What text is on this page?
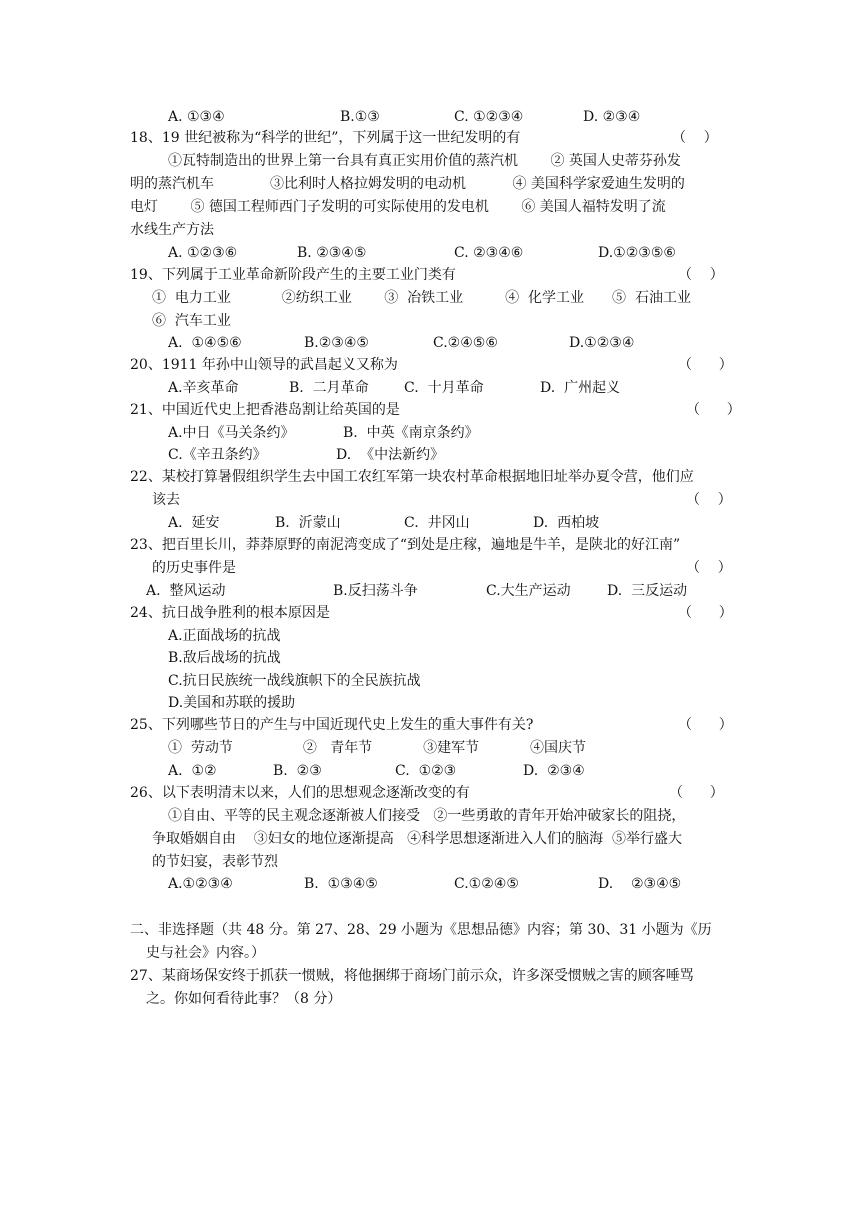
A. ①③④	B.①③	C. ①②③④	D. ②③④
18、19 世纪被称为“科学的世纪”，下列属于这一世纪发明的有	（    ）
①瓦特制造出的世界上第一台具有真正实用价值的蒸汽机　　 ② 英国人史蒂芬孙发
明的蒸汽机车　　　　③比利时人格拉姆发明的电动机　　　 ④ 美国科学家爱迪生发明的
电灯　　 ⑤ 德国工程师西门子发明的可实际使用的发电机　　 ⑥ 美国人福特发明了流
水线生产方法
A. ①②③⑥	B. ②③④⑤	C. ②③④⑥	D.①②③⑤⑥
19、下列属于工业革命新阶段产生的主要工业门类有	（    ）
①  电力工业　　　  ②纺织工业　　 ③  冶铁工业　　　④  化学工业　　⑤  石油工业
⑥  汽车工业
A.  ①④⑤⑥	B.②③④⑤	C.②④⑤⑥	D.①②③④
20、1911 年孙中山领导的武昌起义又称为	（      ）
A.辛亥革命	B.  二月革命	C.  十月革命	D.  广州起义
21、中国近代史上把香港岛割让给英国的是	（      ）
A.中日《马关条约》	B.  中英《南京条约》
C.《辛丑条约》	D.  《中法新约》
22、某校打算暑假组织学生去中国工农红军第一块农村革命根据地旧址举办夏令营，他们应
该去	（    ）
A.  延安	B.  沂蒙山	C.  井冈山	D.  西柏坡
23、把百里长川，莽莽原野的南泥湾变成了“到处是庄稼，遍地是牛羊，是陕北的好江南”
的历史事件是	（    ）
A.  整风运动	B.反扫荡斗争	C.大生产运动	D.  三反运动
24、抗日战争胜利的根本原因是	（      ）
A.正面战场的抗战
B.敌后战场的抗战
C.抗日民族统一战线旗帜下的全民族抗战
D.美国和苏联的援助
25、下列哪些节日的产生与中国近现代史上发生的重大事件有关?	（      ）
①  劳动节　　　　　②   青年节　　　  ③建军节　　　  ④国庆节
A.  ①②	B.  ②③	C.  ①②③	D.  ②③④
26、以下表明清末以来，人们的思想观念逐渐改变的有	（      ）
①自由、平等的民主观念逐渐被人们接受   ②一些勇敢的青年开始冲破家长的阻挠，
争取婚姻自由    ③妇女的地位逐渐提高   ④科学思想逐渐进入人们的脑海  ⑤举行盛大
的节妇宴，表彰节烈
A.①②③④	B.  ①③④⑤	C.①②④⑤	D.    ②③④⑤
二、非选择题（共 48 分。第 27、28、29 小题为《思想品德》内容；第 30、31 小题为《历
史与社会》内容。）
27、某商场保安终于抓获一惯贼，将他捆绑于商场门前示众，许多深受惯贼之害的顾客唾骂
之。你如何看待此事？（8 分）
